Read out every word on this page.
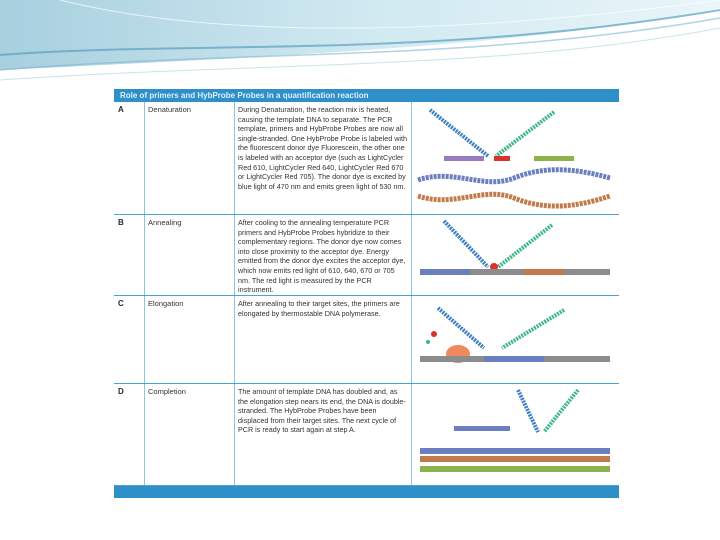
Role of primers and HybProbe Probes in a quantification reaction
A	Denaturation	During Denaturation, the reaction mix is heated, causing the template DNA to separate. The PCR template, primers and HybProbe Probes are now all single-stranded. One HybProbe Probe is labeled with the fluorescent donor dye Fluorescein, the other one is labeled with an acceptor dye (such as LightCycler Red 610, LightCycler Red 640, LightCycler Red 670 or LightCycler Red 705). The donor dye is excited by blue light of 470 nm and emits green light of 530 nm.
B	Annealing	After cooling to the annealing temperature PCR primers and HybProbe Probes hybridize to their complementary regions. The donor dye now comes into close proximity to the acceptor dye. Energy emitted from the donor dye excites the acceptor dye, which now emits red light of 610, 640, 670 or 705 nm. The red light is measured by the PCR instrument.
C	Elongation	After annealing to their target sites, the primers are elongated by thermostable DNA polymerase.
D	Completion	The amount of template DNA has doubled and, as the elongation step nears its end, the DNA is double-stranded. The HybProbe Probes have been displaced from their target sites. The next cycle of PCR is ready to start again at step A.
